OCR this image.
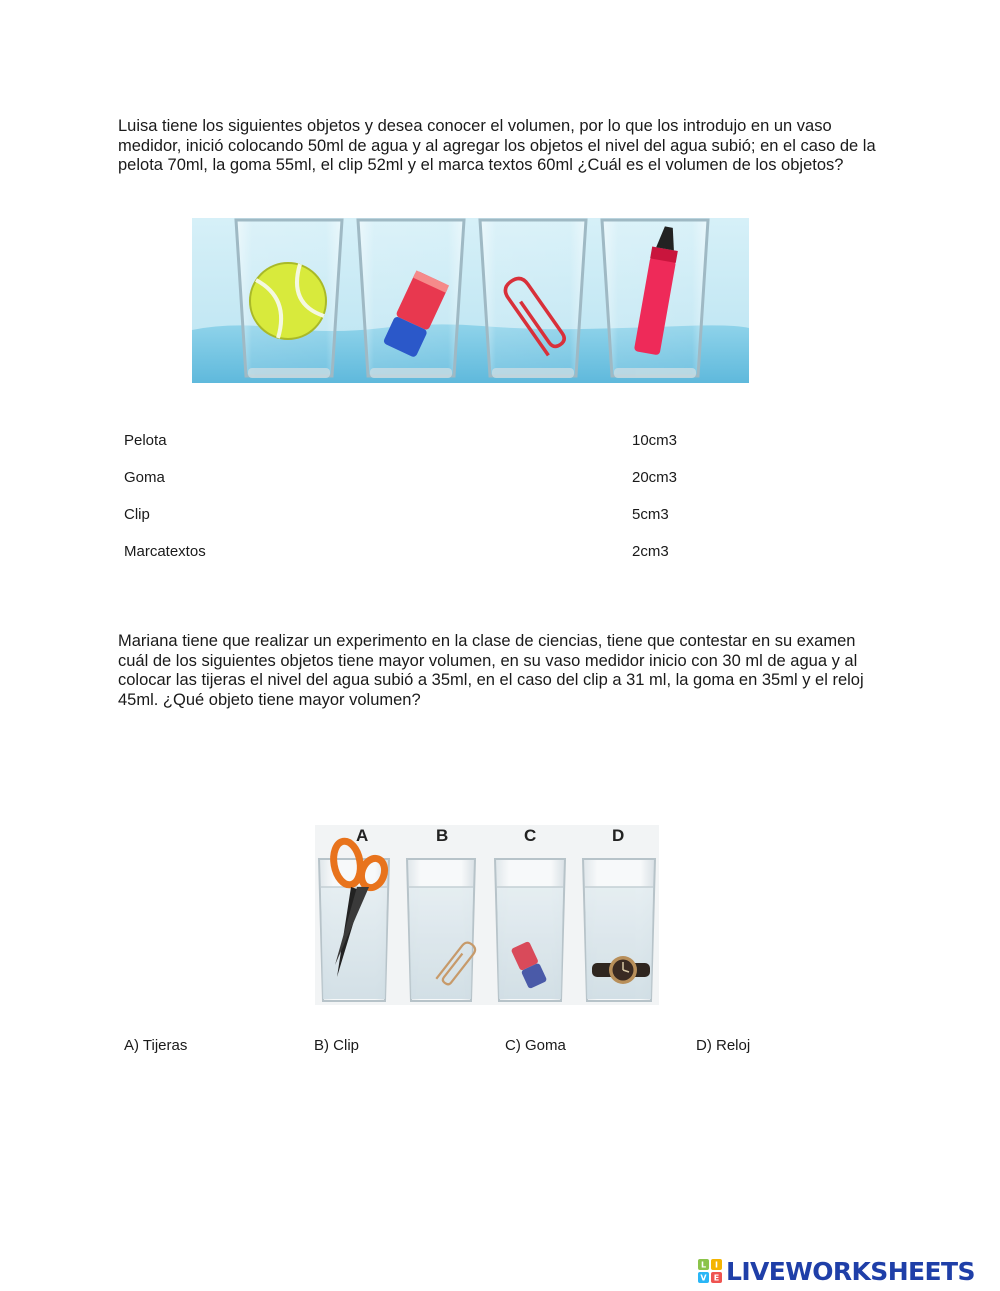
Luisa tiene los siguientes objetos y desea conocer el volumen, por lo que los introdujo en un vaso medidor, inició colocando 50ml de agua y al agregar los objetos el nivel del agua subió; en el caso de la pelota 70ml, la goma 55ml, el clip 52ml y el marca textos 60ml ¿Cuál es el volumen de los objetos?

Pelota	10cm3
Goma	20cm3
Clip	5cm3
Marcatextos	2cm3

Mariana tiene que realizar un experimento en la clase de ciencias, tiene que contestar en su examen cuál de los siguientes objetos tiene mayor volumen, en su vaso medidor inicio con 30 ml de agua y al colocar las tijeras el nivel del agua subió a 35ml, en el caso del clip a 31 ml, la goma en 35ml y el reloj 45ml. ¿Qué objeto tiene mayor volumen?

A	B	C	D
A) Tijeras	B) Clip	C) Goma	D) Reloj
L I
V E LIVEWORKSHEETS
